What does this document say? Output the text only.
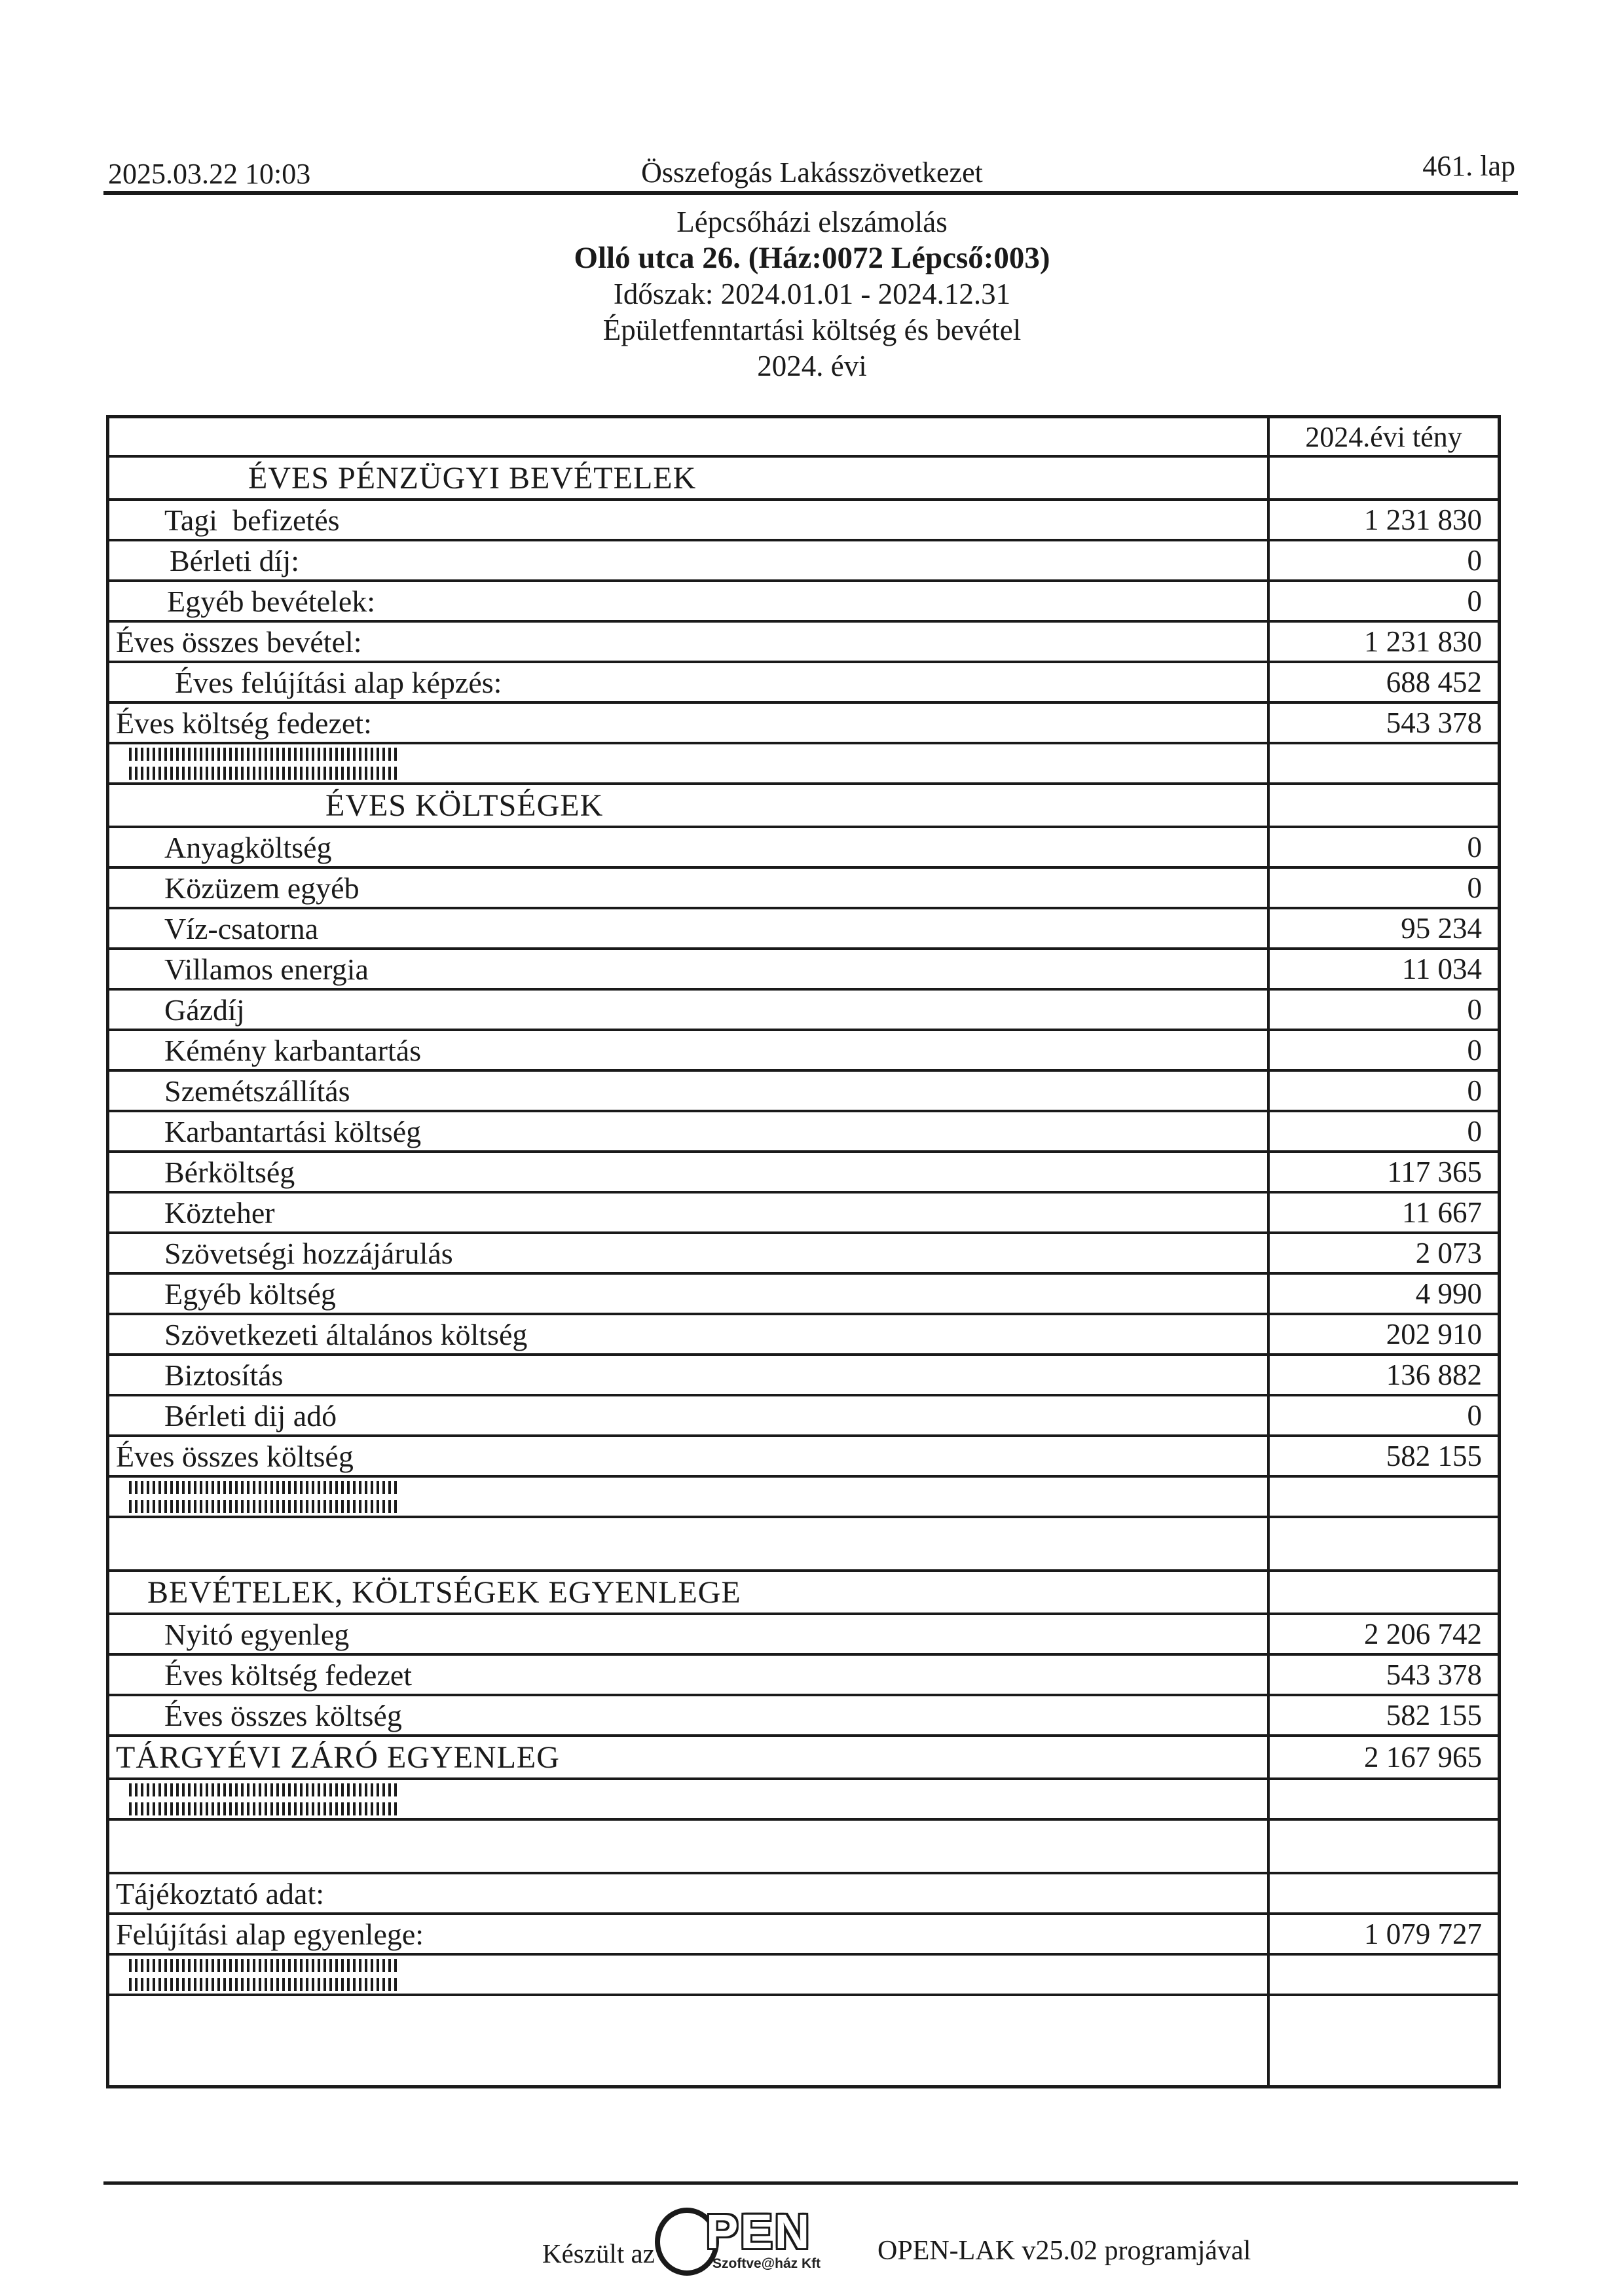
2025.03.22 10:03	Összefogás Lakásszövetkezet	461. lap
Lépcsőházi elszámolás
Olló utca 26. (Ház:0072 Lépcső:003)
Időszak: 2024.01.01 - 2024.12.31
Épületfenntartási költség és bevétel
2024. évi
2024.évi tény
ÉVES PÉNZÜGYI BEVÉTELEK
Tagi  befizetés	1 231 830
Bérleti díj:	0
Egyéb bevételek:	0
Éves összes bevétel:	1 231 830
Éves felújítási alap képzés:	688 452
Éves költség fedezet:	543 378
ÉVES KÖLTSÉGEK
Anyagköltség	0
Közüzem egyéb	0
Víz-csatorna	95 234
Villamos energia	11 034
Gázdíj	0
Kémény karbantartás	0
Szemétszállítás	0
Karbantartási költség	0
Bérköltség	117 365
Közteher	11 667
Szövetségi hozzájárulás	2 073
Egyéb költség	4 990
Szövetkezeti általános költség	202 910
Biztosítás	136 882
Bérleti dij adó	0
Éves összes költség	582 155
BEVÉTELEK, KÖLTSÉGEK EGYENLEGE
Nyitó egyenleg	2 206 742
Éves költség fedezet	543 378
Éves összes költség	582 155
TÁRGYÉVI ZÁRÓ EGYENLEG	2 167 965
Tájékoztató adat:
Felújítási alap egyenlege:	1 079 727
Készült az PEN
Szoftve@ház Kft OPEN-LAK v25.02 programjával
